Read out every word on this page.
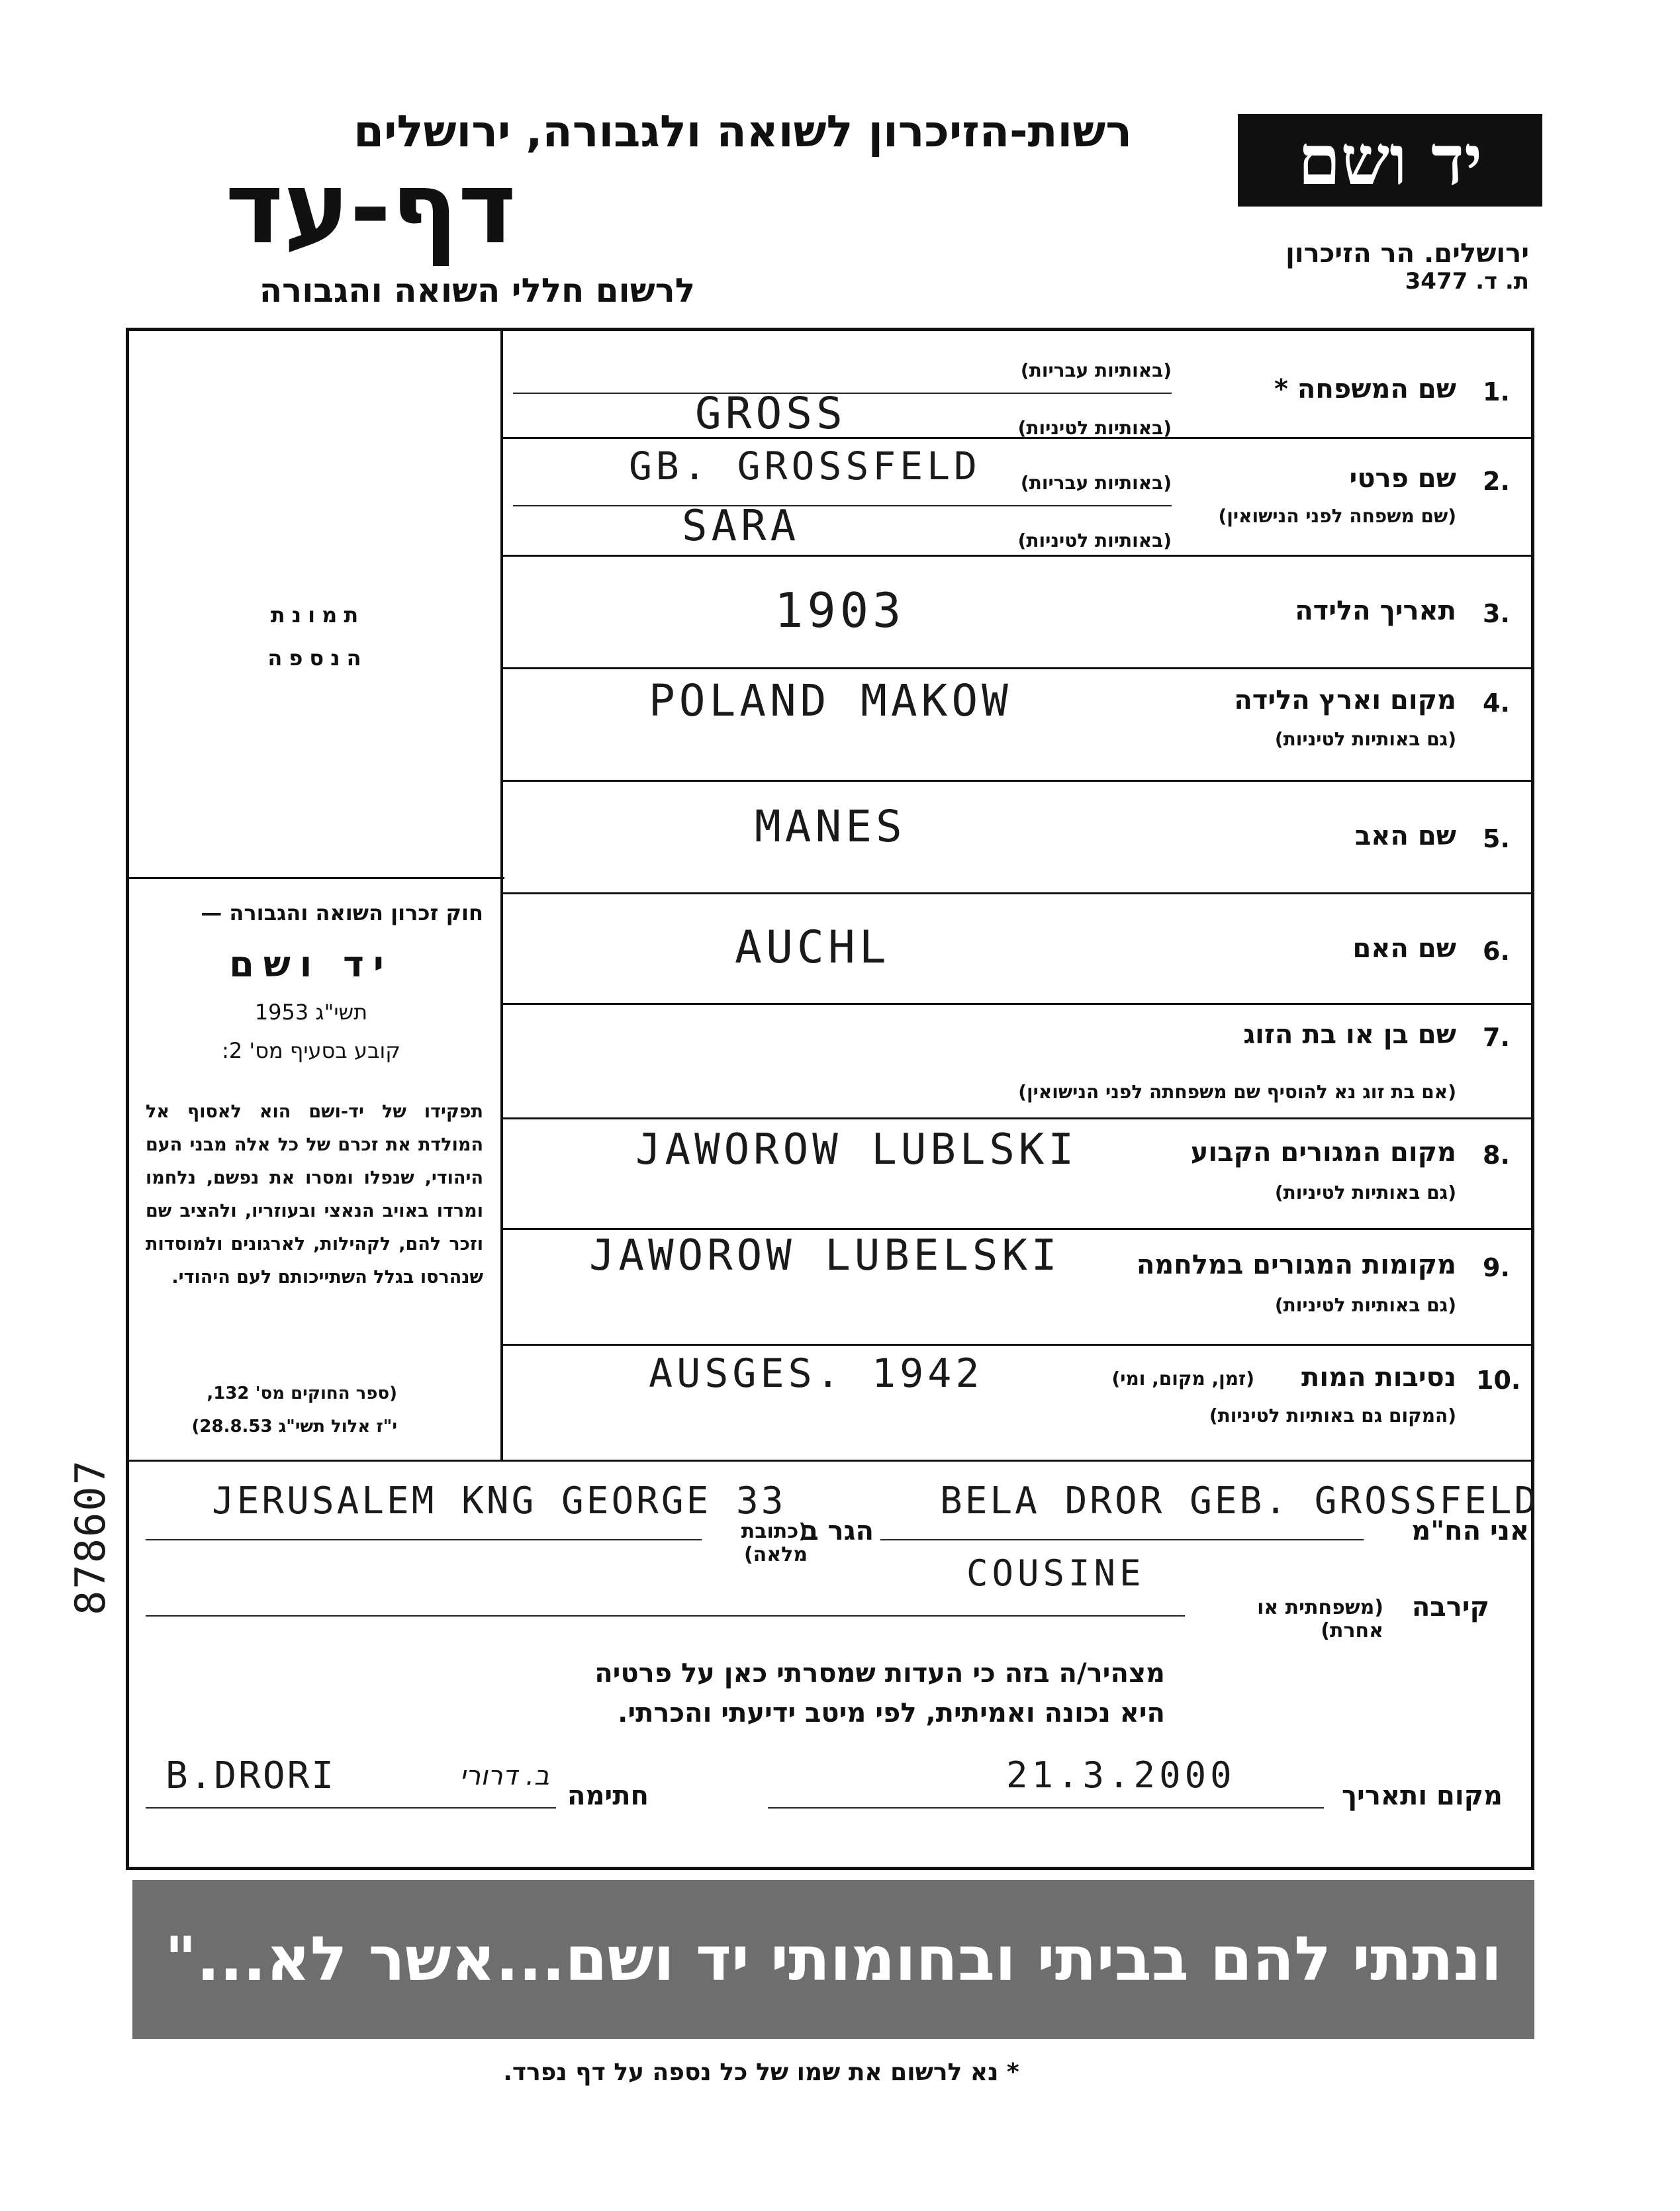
יד ושם
ירושלים. הר הזיכרון
ת. ד. 3477
רשות-הזיכרון לשואה ולגבורה, ירושלים
דף-עד
לרשום חללי השואה והגבורה
1.
שם המשפחה *
(באותיות עבריות)
(באותיות לטיניות)
GROSS
2.
שם פרטי
(שם משפחה לפני הנישואין)
(באותיות עבריות)
(באותיות לטיניות)
GB. GROSSFELD
SARA
3.
תאריך הלידה
1903
4.
מקום וארץ הלידה
(גם באותיות לטיניות)
POLAND MAKOW
5.
שם האב
MANES
6.
שם האם
AUCHL
7.
שם בן או בת הזוג
(אם בת זוג נא להוסיף שם משפחתה לפני הנישואין)
8.
מקום המגורים הקבוע
(גם באותיות לטיניות)
JAWOROW LUBLSKI
9.
מקומות המגורים במלחמה
(גם באותיות לטיניות)
JAWOROW LUBELSKI
10.
נסיבות המות
(זמן, מקום, ומי)
(המקום גם באותיות לטיניות)
AUSGES. 1942
תמונת
הנספה
חוק זכרון השואה והגבורה —
יד ושם
תשי"ג 1953
קובע בסעיף מס' 2:
תפקידו של יד-ושם הוא לאסוף אל המולדת את זכרם של כל אלה מבני העם היהודי, שנפלו ומסרו את נפשם, נלחמו ומרדו באויב הנאצי ובעוזריו, ולהציב שם וזכר להם, לקהילות, לארגונים ולמוסדות שנהרסו בגלל השתייכותם לעם היהודי.
(ספר החוקים מס' 132,
י"ז אלול תשי"ג 28.8.53)
אני הח"מ
BELA DROR GEB. GROSSFELD
הגר ב
(כתובת מלאה)
JERUSALEM KNG GEORGE 33
קירבה
(משפחתית או אחרת)
COUSINE
מצהיר/ה בזה כי העדות שמסרתי כאן על פרטיה
היא נכונה ואמיתית, לפי מיטב ידיעתי והכרתי.
מקום ותאריך
21.3.2000
חתימה
B.DRORI	ב. דרורי
"...ונתתי להם בביתי ובחומותי יד ושם...אשר לא יכרת" ישעיהו נו, ה
* נא לרשום את שמו של כל נספה על דף נפרד.
878607
